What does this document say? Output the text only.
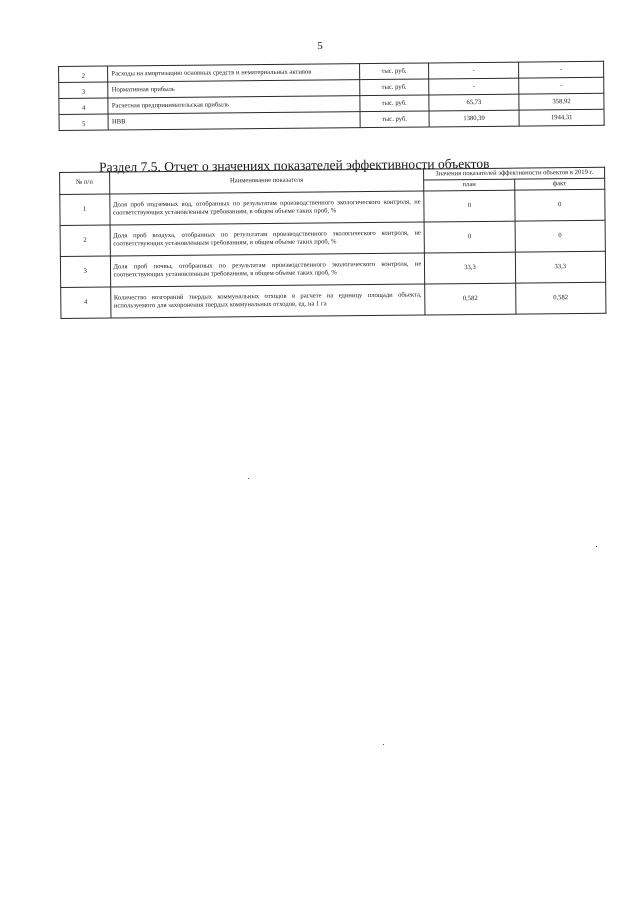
5
2	Расходы на амортизацию основных средств и нематериальных активов	тыс. руб.	-	-
3	Нормативная прибыль	тыс. руб.	-	-
4	Расчетная предпринимательская прибыль	тыс. руб.	65,73	358,92
5	НВВ	тыс. руб.	1380,39	1944,31
Раздел 7.5. Отчет о значениях показателей эффективности объектов
№ п/п	Наименование показателя	Значения показателей эффективности объектов в 2019 г.	
		план	факт
1	Доля проб подземных вод, отобранных по результатам производственного экологического контроля, не соответствующих установленным требованиям, в общем объеме таких проб, %	0	0
2	Доля проб воздуха, отобранных по результатам производственного экологического контроля, не соответствующих установленным требованиям, в общем объеме таких проб, %	0	0
3	Доля проб почвы, отобранных по результатам производственного экологического контроля, не соответствующих установленным требованиям, в общем объеме таких проб, %	33,3	33,3
4	Количество возгораний твердых коммунальных отходов в расчете на единицу площади объекта, используемого для захоронения твердых коммунальных отходов, ед. на 1 га	0,582	0,582
